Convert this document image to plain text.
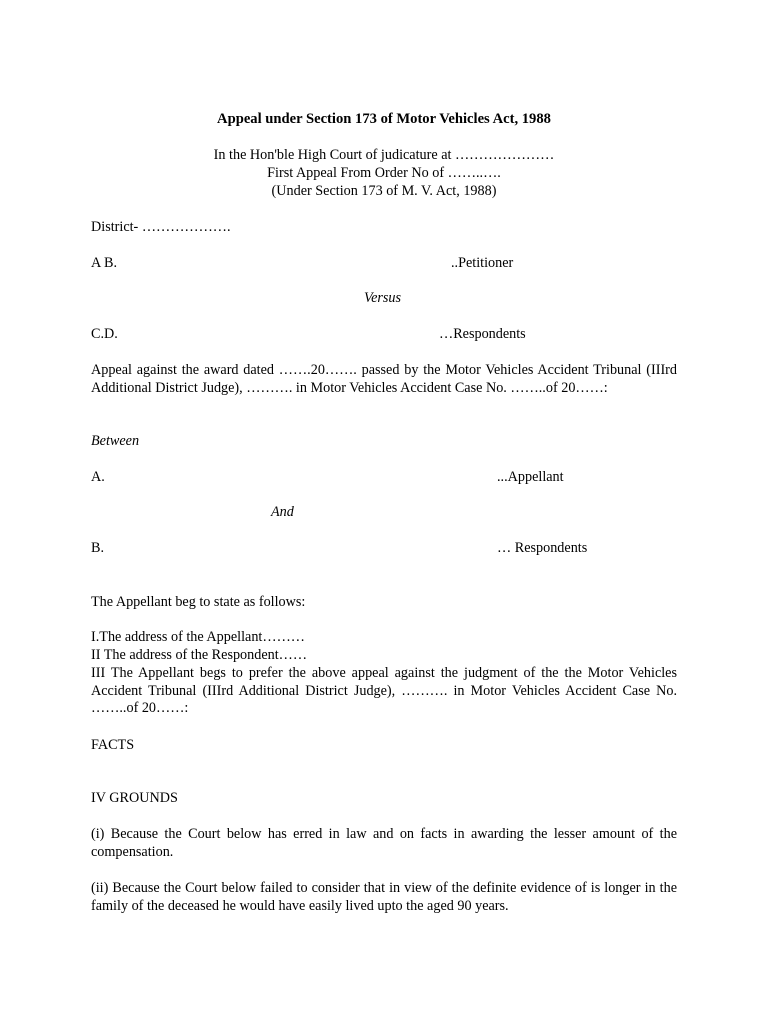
Appeal under Section 173 of Motor Vehicles Act, 1988
In the Hon'ble High Court of judicature at …………………
First Appeal From Order No of ……..….
(Under Section 173 of M. V. Act, 1988)
District- ……………….
A B.	..Petitioner
Versus
C.D.	…Respondents
Appeal against the award dated …….20……. passed by the Motor Vehicles Accident Tribunal (IIIrd Additional District Judge), ………. in Motor Vehicles Accident Case No. ……..of 20……:
Between
A.	...Appellant
And
B.	… Respondents
The Appellant beg to state as follows:
I.The address of the Appellant………
II The address of the Respondent……
III The Appellant begs to prefer the above appeal against the judgment of the the Motor Vehicles Accident Tribunal (IIIrd Additional District Judge), ………. in Motor Vehicles Accident Case No. ……..of 20……:
FACTS
IV GROUNDS
(i) Because the Court below has erred in law and on facts in awarding the lesser amount of the compensation.
(ii) Because the Court below failed to consider that in view of the definite evidence of is longer in the family of the deceased he would have easily lived upto the aged 90 years.
